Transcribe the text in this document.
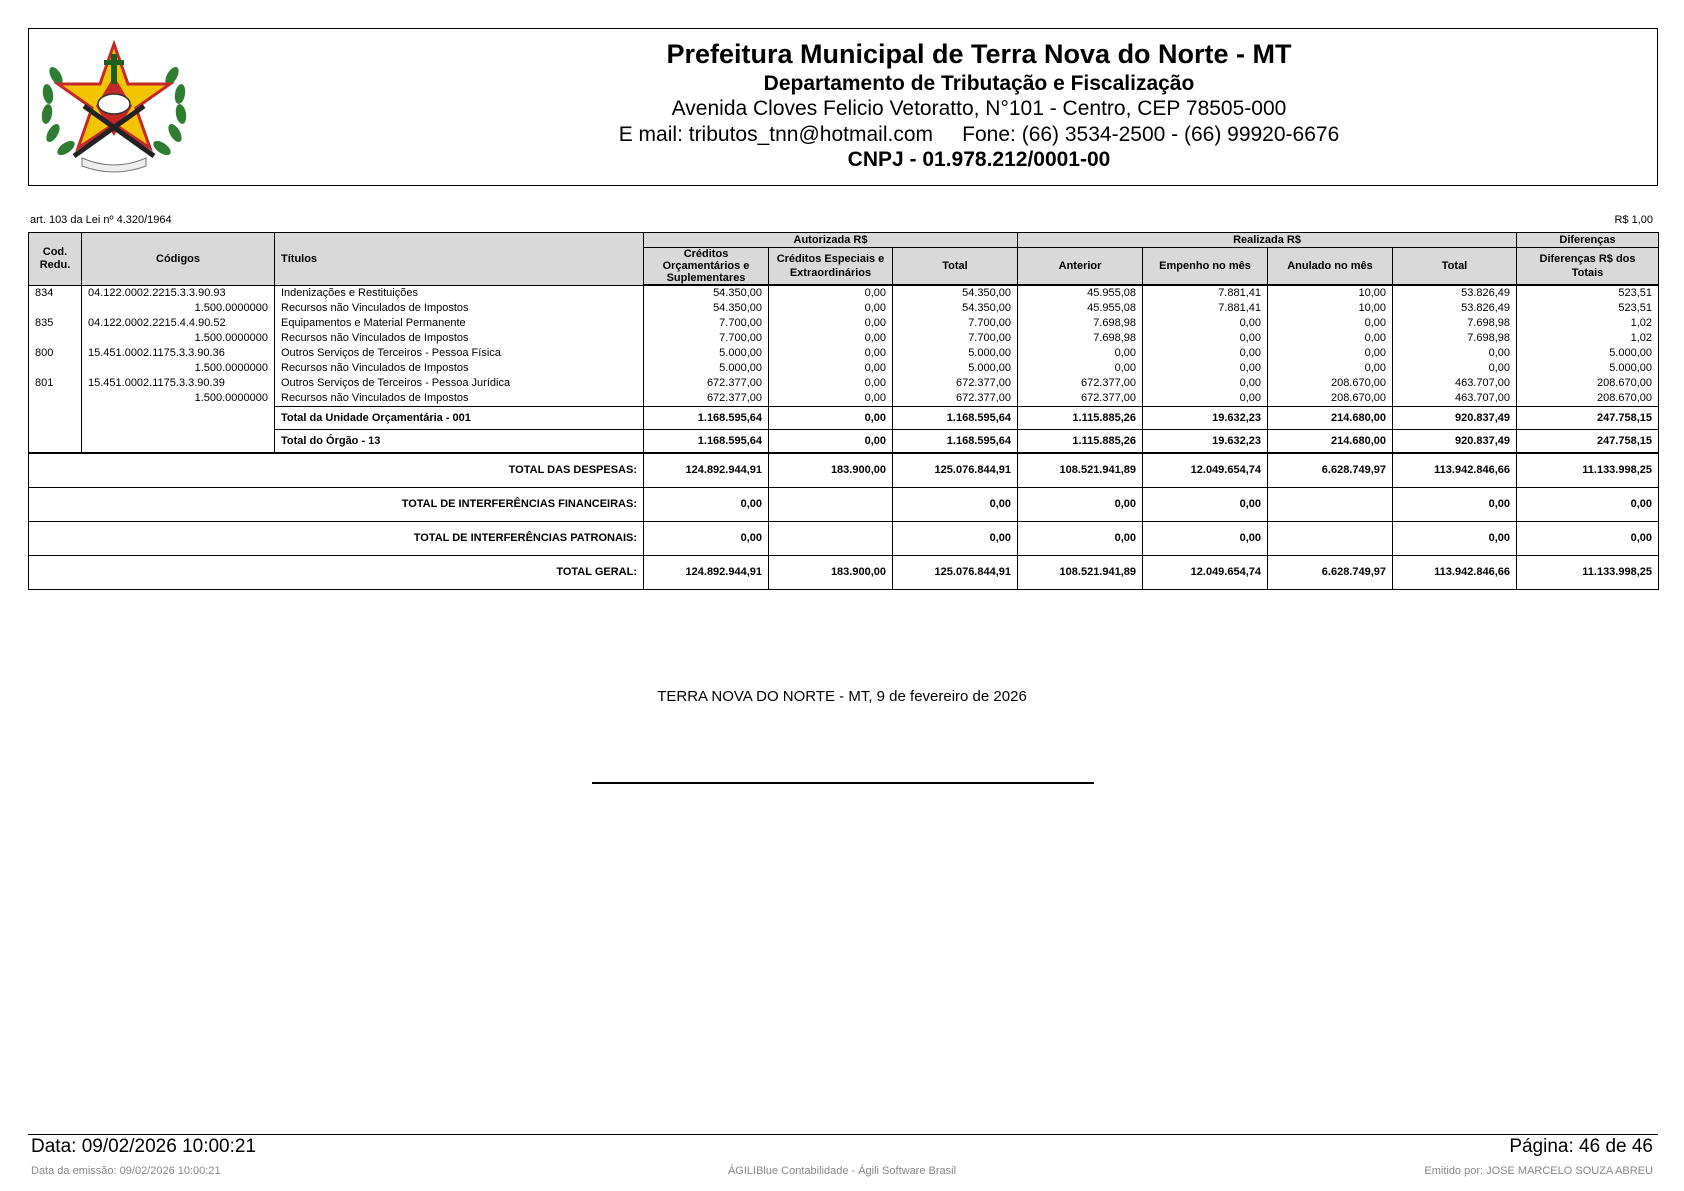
Prefeitura Municipal de Terra Nova do Norte - MT
Departamento de Tributação e Fiscalização
Avenida Cloves Felicio Vetoratto, N°101 - Centro, CEP 78505-000
E mail: tributos_tnn@hotmail.com     Fone: (66) 3534-2500 - (66) 99920-6676
CNPJ - 01.978.212/0001-00
art. 103 da Lei nº 4.320/1964	R$ 1,00
Cod. Redu.	Códigos	Títulos	Autorizada R$			Realizada R$				Diferenças
			Créditos Orçamentários e Suplementares	Créditos Especiais e Extraordinários	Total	Anterior	Empenho no mês	Anulado no mês	Total	Diferenças R$ dos Totais
834	04.122.0002.2215.3.3.90.93	Indenizações e Restituições	54.350,00	0,00	54.350,00	45.955,08	7.881,41	10,00	53.826,49	523,51
	1.500.0000000	Recursos não Vinculados de Impostos	54.350,00	0,00	54.350,00	45.955,08	7.881,41	10,00	53.826,49	523,51
835	04.122.0002.2215.4.4.90.52	Equipamentos e Material Permanente	7.700,00	0,00	7.700,00	7.698,98	0,00	0,00	7.698,98	1,02
	1.500.0000000	Recursos não Vinculados de Impostos	7.700,00	0,00	7.700,00	7.698,98	0,00	0,00	7.698,98	1,02
800	15.451.0002.1175.3.3.90.36	Outros Serviços de Terceiros - Pessoa Física	5.000,00	0,00	5.000,00	0,00	0,00	0,00	0,00	5.000,00
	1.500.0000000	Recursos não Vinculados de Impostos	5.000,00	0,00	5.000,00	0,00	0,00	0,00	0,00	5.000,00
801	15.451.0002.1175.3.3.90.39	Outros Serviços de Terceiros - Pessoa Jurídica	672.377,00	0,00	672.377,00	672.377,00	0,00	208.670,00	463.707,00	208.670,00
	1.500.0000000	Recursos não Vinculados de Impostos	672.377,00	0,00	672.377,00	672.377,00	0,00	208.670,00	463.707,00	208.670,00
		Total da Unidade Orçamentária - 001	1.168.595,64	0,00	1.168.595,64	1.115.885,26	19.632,23	214.680,00	920.837,49	247.758,15
		Total do Órgão - 13	1.168.595,64	0,00	1.168.595,64	1.115.885,26	19.632,23	214.680,00	920.837,49	247.758,15
TOTAL DAS DESPESAS:			124.892.944,91	183.900,00	125.076.844,91	108.521.941,89	12.049.654,74	6.628.749,97	113.942.846,66	11.133.998,25
TOTAL DE INTERFERÊNCIAS FINANCEIRAS:			0,00		0,00	0,00	0,00		0,00	0,00
TOTAL DE INTERFERÊNCIAS PATRONAIS:			0,00		0,00	0,00	0,00		0,00	0,00
TOTAL GERAL:			124.892.944,91	183.900,00	125.076.844,91	108.521.941,89	12.049.654,74	6.628.749,97	113.942.846,66	11.133.998,25
TERRA NOVA DO NORTE - MT, 9 de fevereiro de 2026
Data: 09/02/2026 10:00:21	Página: 46 de 46
Data da emissão: 09/02/2026 10:00:21	ÁGILIBlue Contabilidade - Ágili Software Brasil	Emitido por: JOSE MARCELO SOUZA ABREU
